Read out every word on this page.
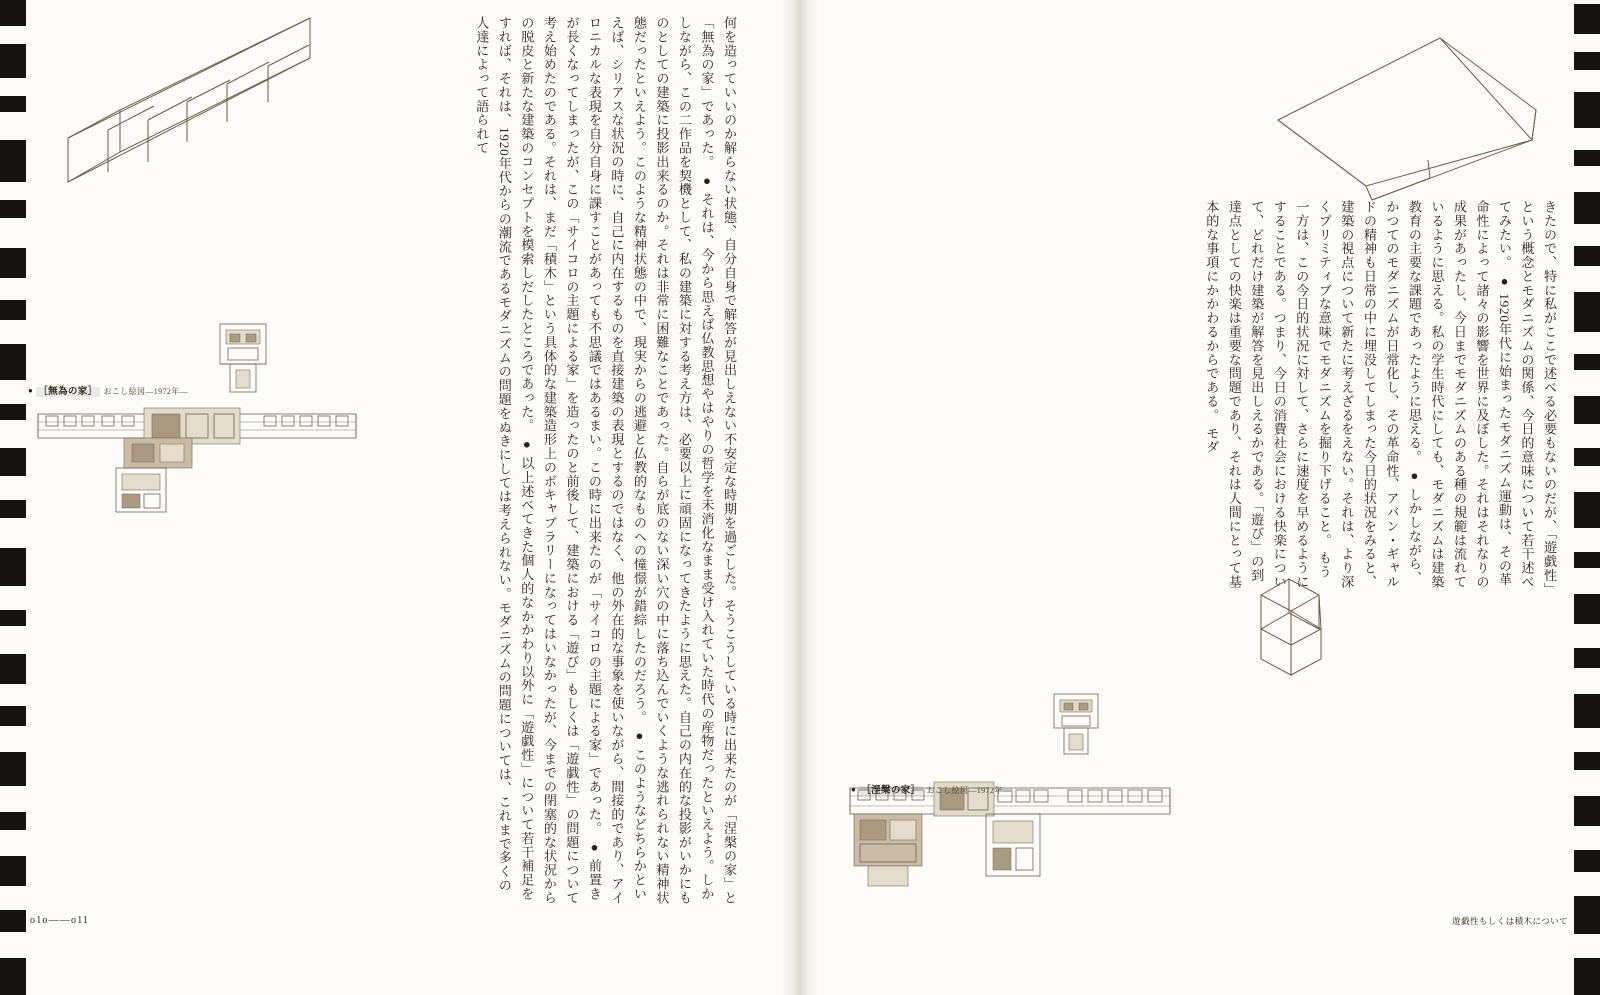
何を造っていいのか解らない状態、自分自身で解答が見出しえない不安定な時期を過ごした。そうこうしている時に出来たのが「涅槃の家」と「無為の家」であった。 ● それは、今から思えば仏教思想やはやりの哲学を未消化なまま受け入れていた時代の産物だったといえよう。しかしながら、この二作品を契機として、私の建築に対する考え方は、必要以上に頑固になってきたように思えた。自己の内在的な投影がいかにものとしての建築に投影出来るのか。それは非常に困難なことであった。自らが底のない深い穴の中に落ち込んでいくような逃れられない精神状態だったといえよう。このような精神状態の中で、現実からの逃避と仏教的なものへの憧憬が錯綜したのだろう。 ● このようなどちらかといえば、シリアスな状況の時に、自己に内在するものを直接建築の表現とするのではなく、他の外在的な事象を使いながら、間接的であり、アイロニカルな表現を自分自身に課すことがあっても不思議ではあるまい。この時に出来たのが「サイコロの主題による家」であった。 ● 前置きが長くなってしまったが、この「サイコロの主題による家」を造ったのと前後して、建築における「遊び」もしくは「遊戯性」の問題について考え始めたのである。それは、まだ「積木」という具体的な建築造形上のボキャブラリーになってはいなかったが、今までの閉塞的な状況からの脱皮と新たな建築のコンセプトを模索しだしたところであった。 ● 以上述べてきた個人的なかかわり以外に「遊戯性」について若干補足をすれば、それは、1920年代からの潮流であるモダニズムの問題をぬきにしては考えられない。モダニズムの問題については、これまで多くの人達によって語られて
● ［無為の家］ おこし絵図—1972年—
o1o——o11
きたので、特に私がここで述べる必要もないのだが、「遊戯性」という概念とモダニズムの関係、今日的意味について若干述べてみたい。 ● 1920年代に始まったモダニズム運動は、その革命性によって諸々の影響を世界に及ぼした。それはそれなりの成果があったし、今日までモダニズムのある種の規範は流れているように思える。私の学生時代にしても、モダニズムは建築教育の主要な課題であったように思える。 ● しかしながら、かつてのモダニズムが日常化し、その革命性、アバン・ギャルドの精神も日常の中に埋没してしまった今日的状況をみると、建築の視点について新たに考えざるをえない。それは、より深くプリミティブな意味でモダニズムを掘り下げること。 もう一方は、この今日的状況に対して、さらに速度を早めるようにすることである。つまり、今日の消費社会における快楽について、どれだけ建築が解答を見出しえるかである。「遊び」の到達点としての快楽は重要な問題であり、それは人間にとって基本的な事項にかかわるからである。 モダ
● ［涅槃の家］ おこし絵図—1972年—
遊戯性もしくは積木について
